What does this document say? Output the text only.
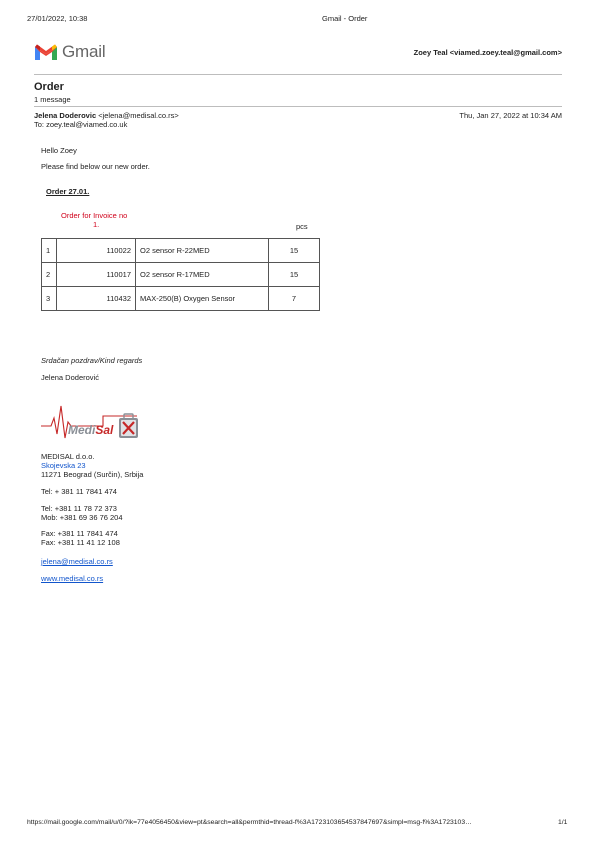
27/01/2022, 10:38	Gmail - Order
Gmail	Zoey Teal <viamed.zoey.teal@gmail.com>
Order
1 message
Jelena Doderovic <jelena@medisal.co.rs>	Thu, Jan 27, 2022 at 10:34 AM
To: zoey.teal@viamed.co.uk
Hello Zoey
Please find below our new order.
Order 27.01.
Order for Invoice no
1.	pcs
1	110022	O2 sensor R-22MED	15
2	110017	O2 sensor R-17MED	15
3	110432	MAX-250(B) Oxygen Sensor	7
Srdačan pozdrav/Kind regards
Jelena Doderović
MediSal
MEDISAL d.o.o.
Skojevska 23
11271 Beograd (Surčin), Srbija
Tel: + 381 11 7841 474
Tel: +381 11 78 72 373
Mob: +381 69 36 76 204
Fax: +381 11 7841 474
Fax: +381 11 41 12 108
jelena@medisal.co.rs
www.medisal.co.rs
https://mail.google.com/mail/u/0/?ik=77e4056450&view=pt&search=all&permthid=thread-f%3A1723103654537847697&simpl=msg-f%3A1723103…	1/1
